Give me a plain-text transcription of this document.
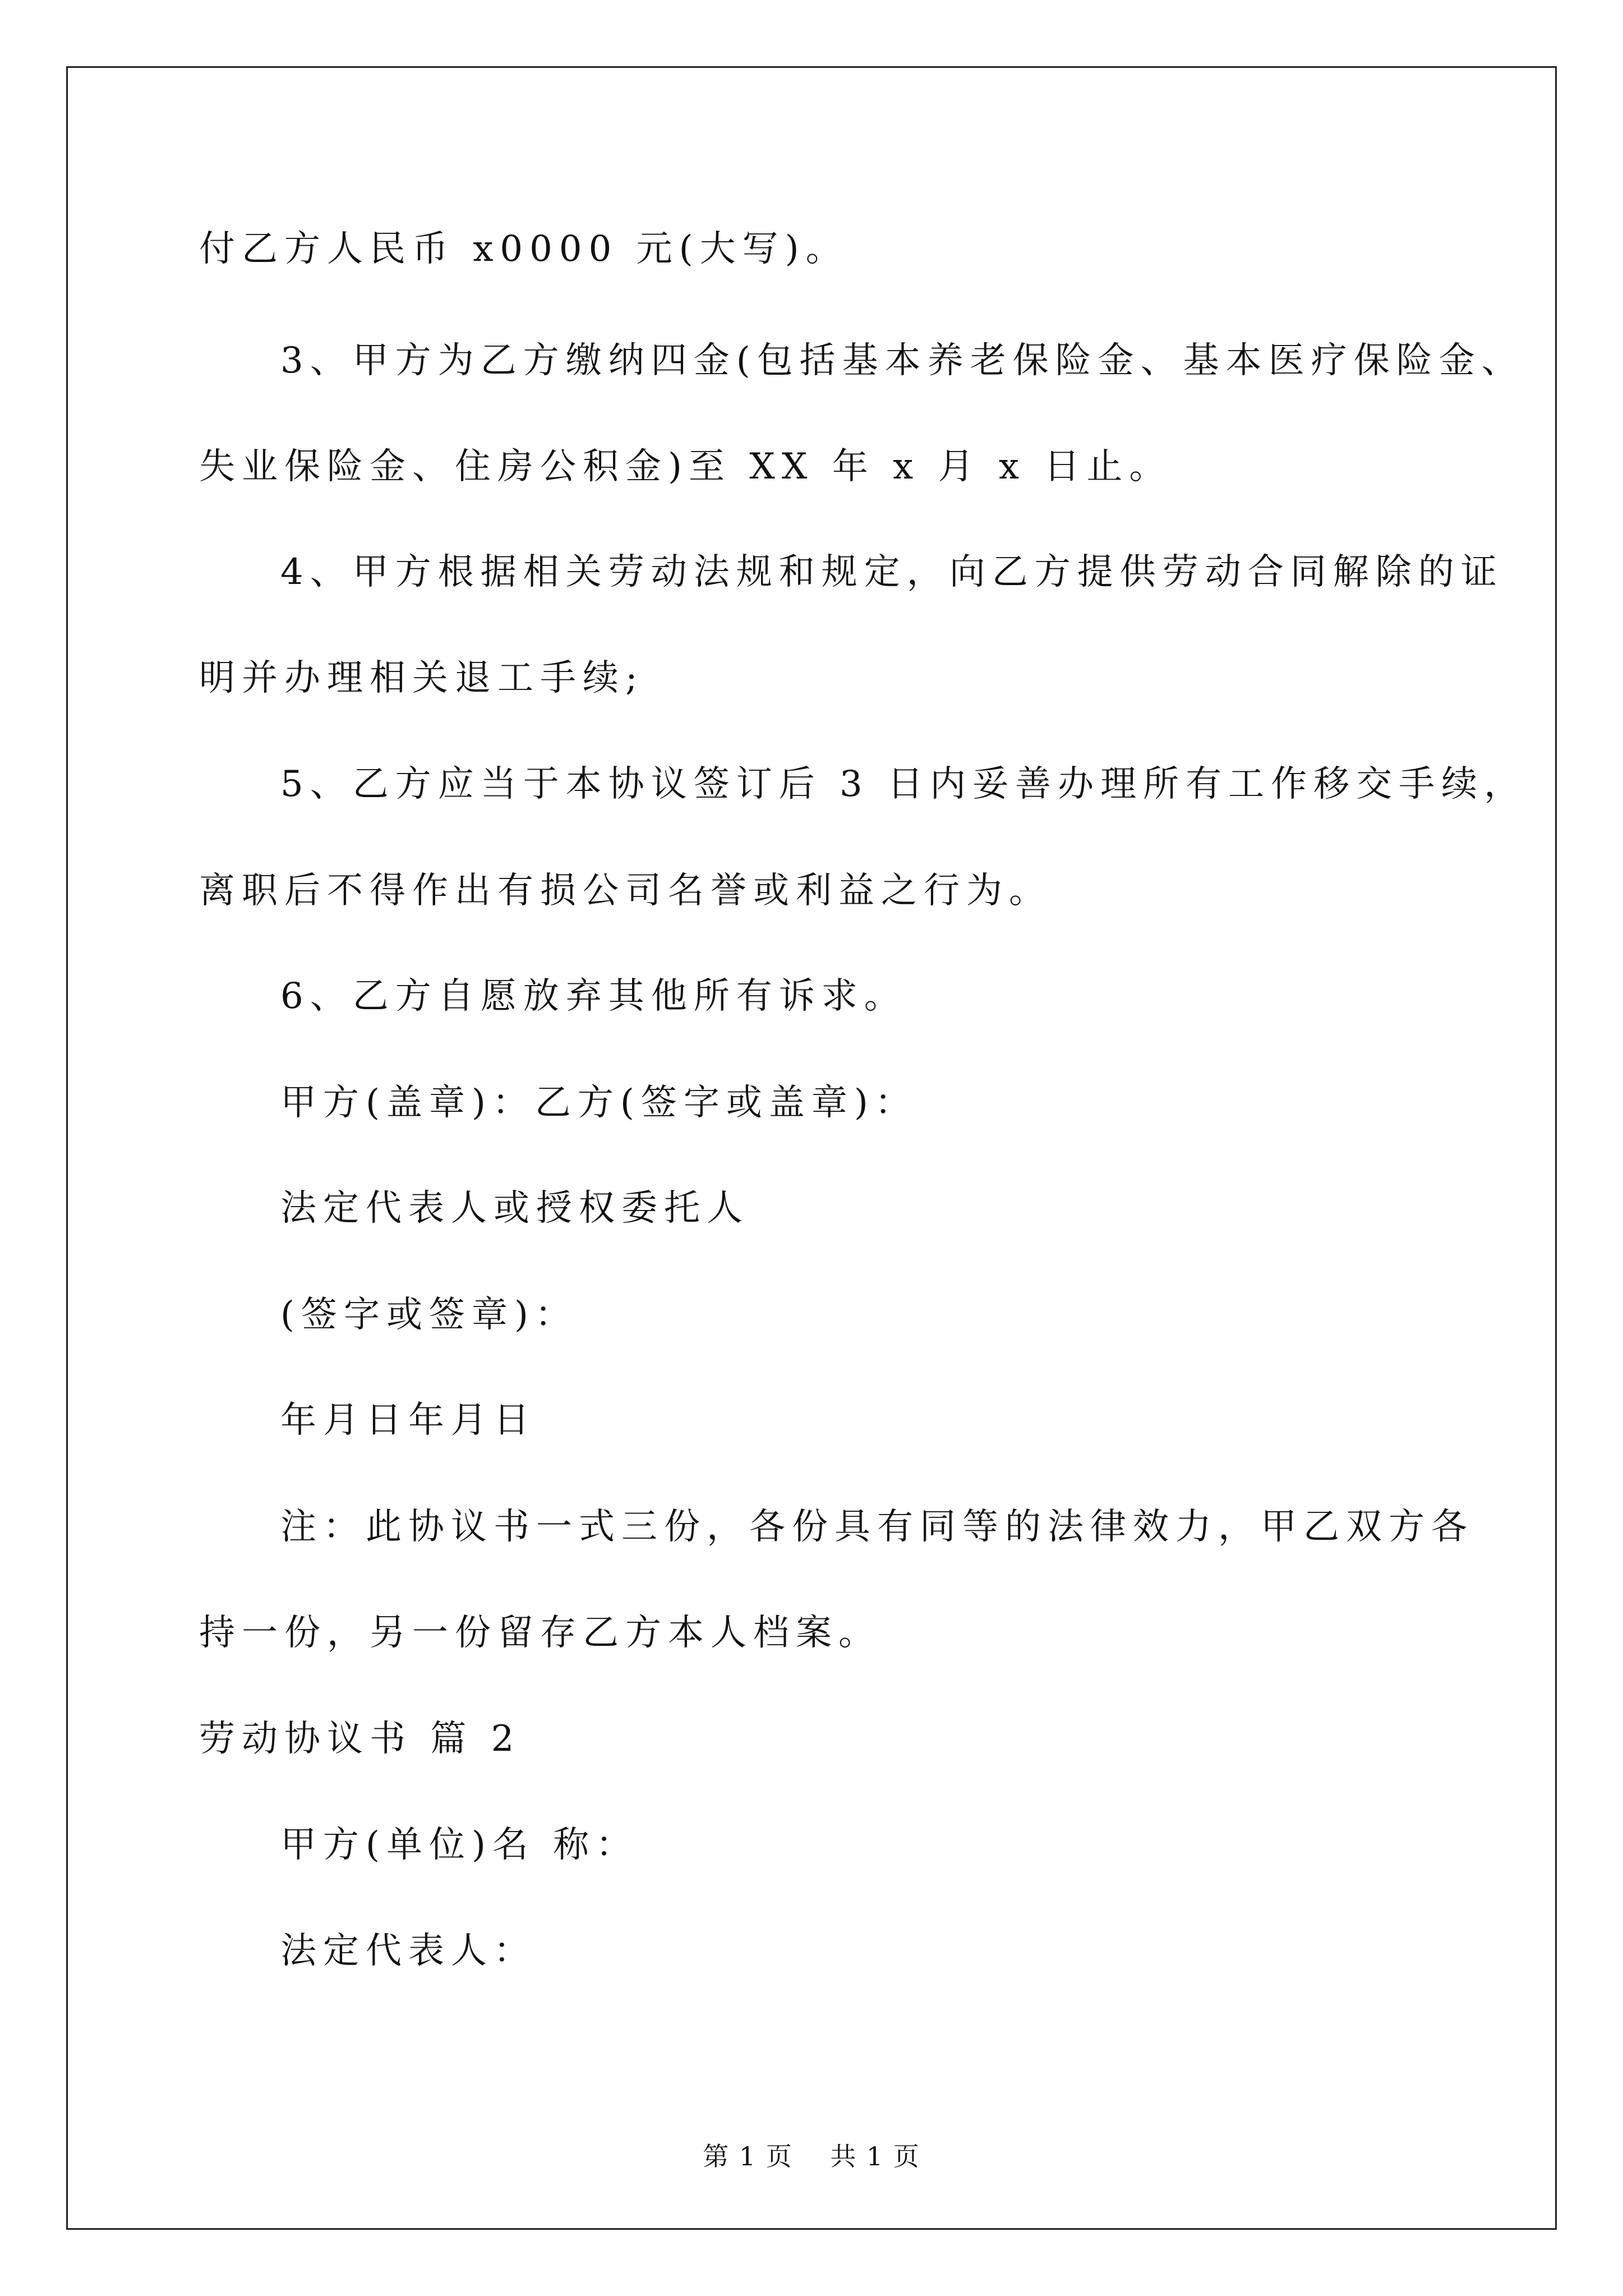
付乙方人民币 x0000 元(大写)。
3、甲方为乙方缴纳四金(包括基本养老保险金、基本医疗保险金、
失业保险金、住房公积金)至 XX 年 x 月 x 日止。
4、甲方根据相关劳动法规和规定，向乙方提供劳动合同解除的证
明并办理相关退工手续;
5、乙方应当于本协议签订后 3 日内妥善办理所有工作移交手续，
离职后不得作出有损公司名誉或利益之行为。
6、乙方自愿放弃其他所有诉求。
甲方(盖章)：乙方(签字或盖章)：
法定代表人或授权委托人
(签字或签章)：
年月日年月日
注：此协议书一式三份，各份具有同等的法律效力，甲乙双方各
持一份，另一份留存乙方本人档案。
劳动协议书 篇 2
甲方(单位)名 称：
法定代表人：
第 1 页    共 1 页
